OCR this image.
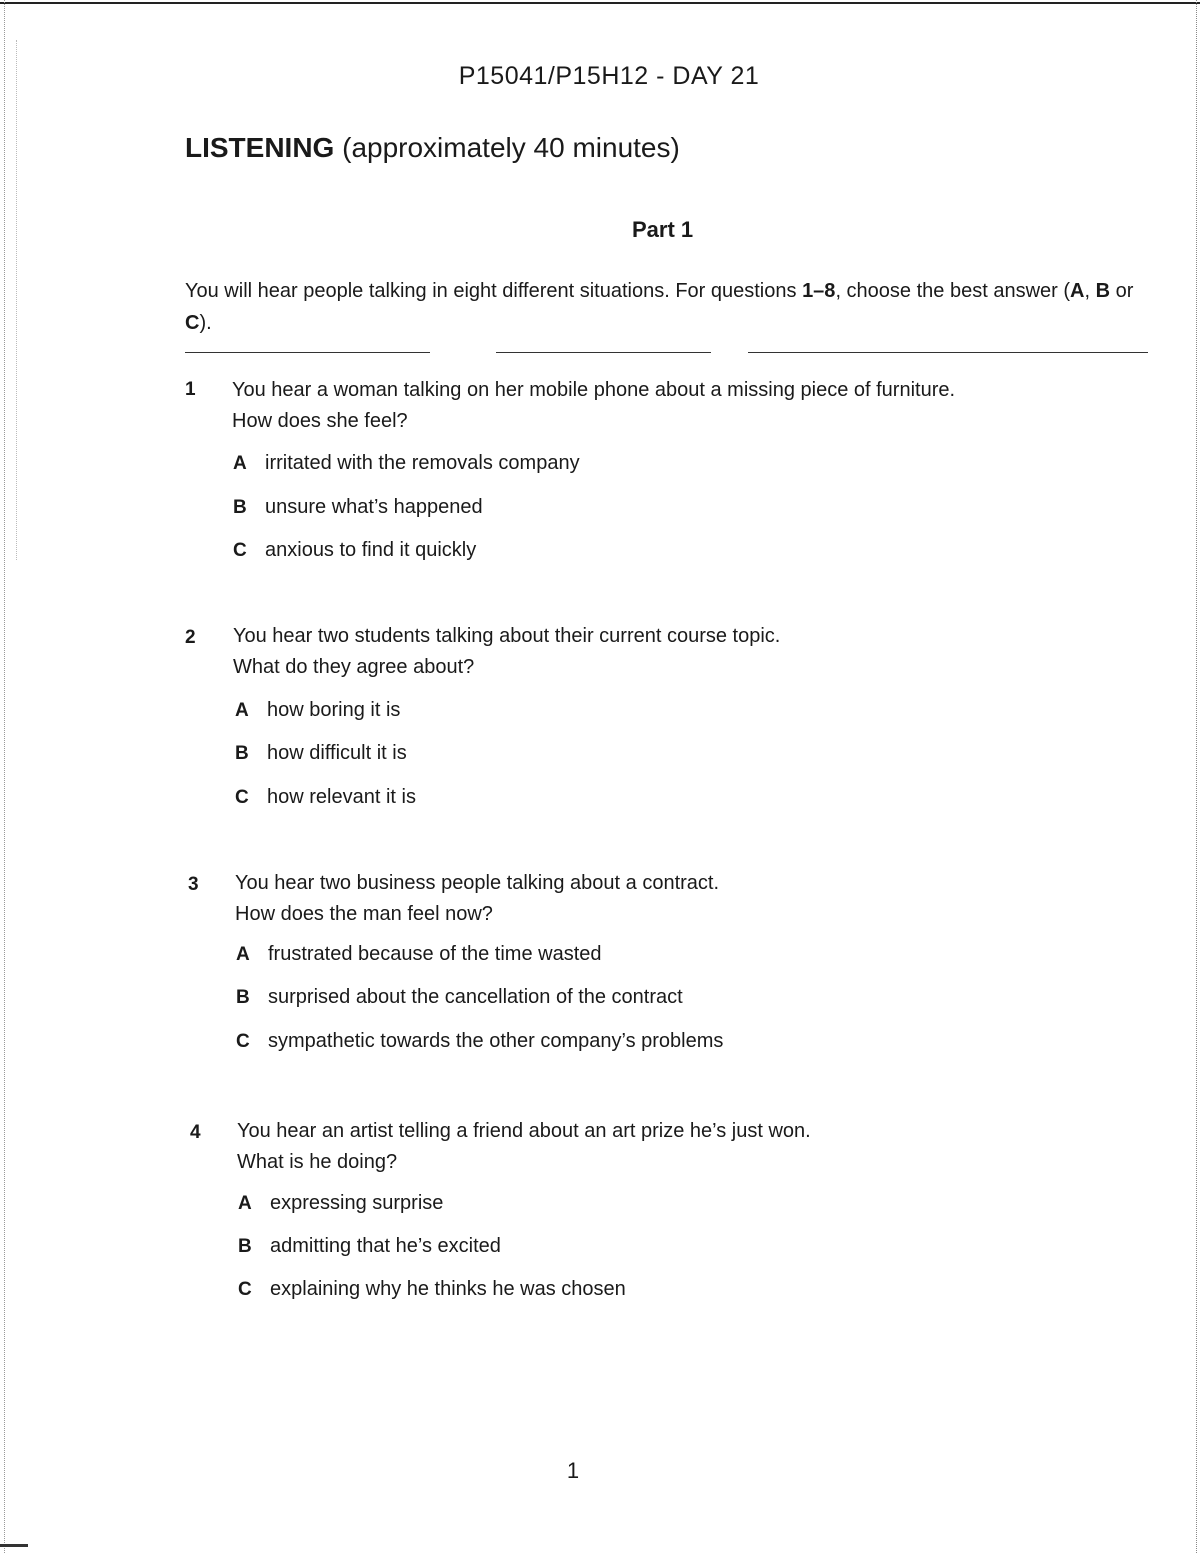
P15041/P15H12 - DAY 21
LISTENING (approximately 40 minutes)
Part 1
You will hear people talking in eight different situations. For questions 1–8, choose the best answer (A, B or C).
1 You hear a woman talking on her mobile phone about a missing piece of furniture.
How does she feel?
A irritated with the removals company
B unsure what’s happened
C anxious to find it quickly
2 You hear two students talking about their current course topic.
What do they agree about?
A how boring it is
B how difficult it is
C how relevant it is
3 You hear two business people talking about a contract.
How does the man feel now?
A frustrated because of the time wasted
B surprised about the cancellation of the contract
C sympathetic towards the other company’s problems
4 You hear an artist telling a friend about an art prize he’s just won.
What is he doing?
A expressing surprise
B admitting that he’s excited
C explaining why he thinks he was chosen
1
